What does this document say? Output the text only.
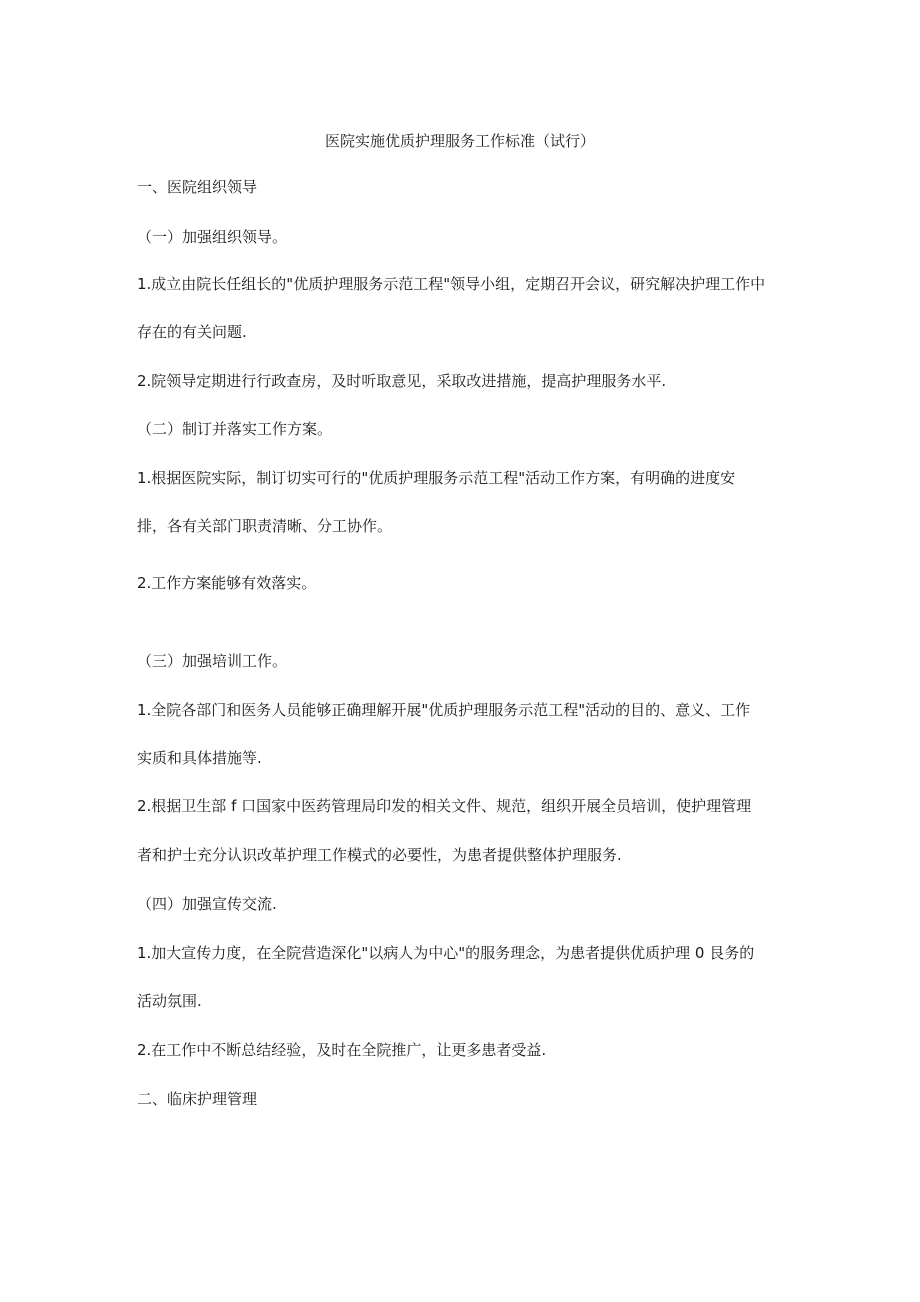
医院实施优质护理服务工作标准（试行）
一、医院组织领导
（一）加强组织领导。
1.成立由院长任组长的"优质护理服务示范工程"领导小组，定期召开会议，研究解决护理工作中
存在的有关问题.
2.院领导定期进行行政查房，及时听取意见，采取改进措施，提高护理服务水平.
（二）制订并落实工作方案。
1.根据医院实际，制订切实可行的"优质护理服务示范工程"活动工作方案，有明确的进度安
排，各有关部门职责清晰、分工协作。
2.工作方案能够有效落实。
（三）加强培训工作。
1.全院各部门和医务人员能够正确理解开展"优质护理服务示范工程"活动的目的、意义、工作
实质和具体措施等.
2.根据卫生部 f 口国家中医药管理局印发的相关文件、规范，组织开展全员培训，使护理管理
者和护士充分认识改革护理工作模式的必要性，为患者提供整体护理服务.
（四）加强宣传交流.
1.加大宣传力度，在全院营造深化"以病人为中心"的服务理念，为患者提供优质护理 0 艮务的
活动氛围.
2.在工作中不断总结经验，及时在全院推广，让更多患者受益.
二、临床护理管理
